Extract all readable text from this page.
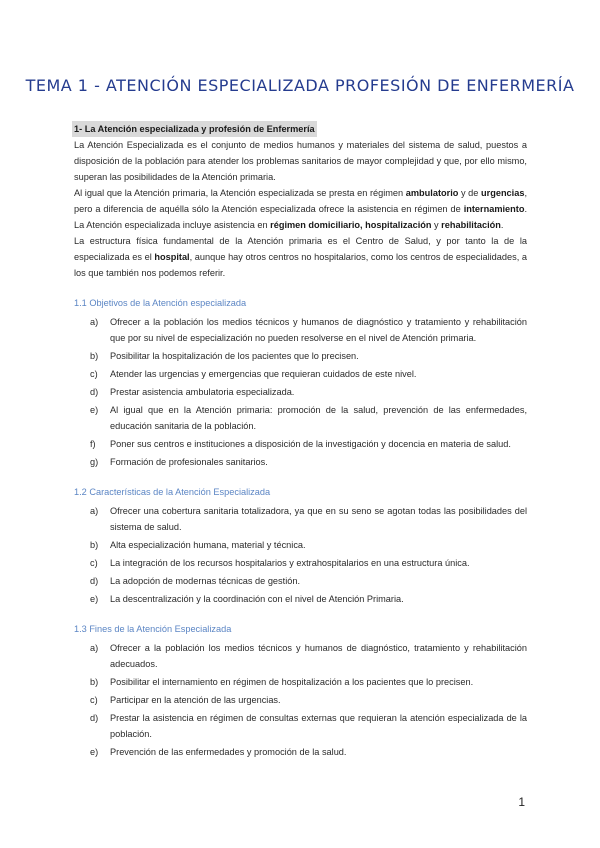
TEMA 1 - ATENCIÓN ESPECIALIZADA PROFESIÓN DE ENFERMERÍA
1- La Atención especializada y profesión de Enfermería

La Atención Especializada es el conjunto de medios humanos y materiales del sistema de salud, puestos a disposición de la población para atender los problemas sanitarios de mayor complejidad y que, por ello mismo, superan las posibilidades de la Atención primaria.

Al igual que la Atención primaria, la Atención especializada se presta en régimen ambulatorio y de urgencias, pero a diferencia de aquélla sólo la Atención especializada ofrece la asistencia en régimen de internamiento. La Atención especializada incluye asistencia en régimen domiciliario, hospitalización y rehabilitación.

La estructura física fundamental de la Atención primaria es el Centro de Salud, y por tanto la de la especializada es el hospital, aunque hay otros centros no hospitalarios, como los centros de especialidades, a los que también nos podemos referir.

1.1 Objetivos de la Atención especializada
a)	Ofrecer a la población los medios técnicos y humanos de diagnóstico y tratamiento y rehabilitación que por su nivel de especialización no pueden resolverse en el nivel de Atención primaria.
b)	Posibilitar la hospitalización de los pacientes que lo precisen.
c)	Atender las urgencias y emergencias que requieran cuidados de este nivel.
d)	Prestar asistencia ambulatoria especializada.
e)	Al igual que en la Atención primaria: promoción de la salud, prevención de las enfermedades, educación sanitaria de la población.
f)	Poner sus centros e instituciones a disposición de la investigación y docencia en materia de salud.
g)	Formación de profesionales sanitarios.
1.2 Características de la Atención Especializada
a)	Ofrecer una cobertura sanitaria totalizadora, ya que en su seno se agotan todas las posibilidades del sistema de salud.
b)	Alta especialización humana, material y técnica.
c)	La integración de los recursos hospitalarios y extrahospitalarios en una estructura única.
d)	La adopción de modernas técnicas de gestión.
e)	La descentralización y la coordinación con el nivel de Atención Primaria.
1.3 Fines de la Atención Especializada
a)	Ofrecer a la población los medios técnicos y humanos de diagnóstico, tratamiento y rehabilitación adecuados.
b)	Posibilitar el internamiento en régimen de hospitalización a los pacientes que lo precisen.
c)	Participar en la atención de las urgencias.
d)	Prestar la asistencia en régimen de consultas externas que requieran la atención especializada de la población.
e)	Prevención de las enfermedades y promoción de la salud.
1
